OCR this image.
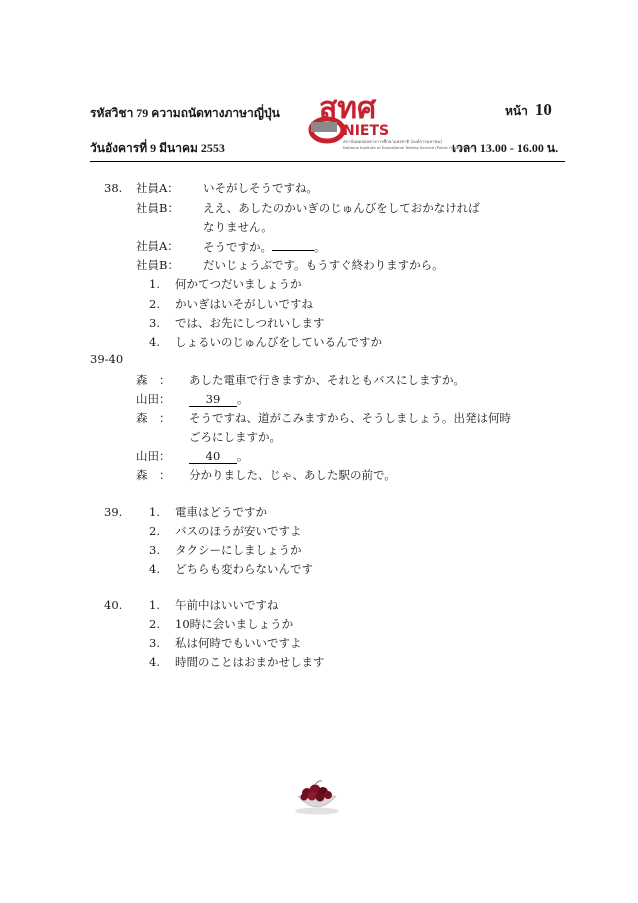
รหัสวิชา 79 ความถนัดทางภาษาญี่ปุ่น
วันอังคารที่ 9 มีนาคม 2553
หน้า 10
เวลา 13.00 - 16.00 น.
สทศ
NIETS
สถาบันทดสอบทางการศึกษาแห่งชาติ (องค์การมหาชน)
National Institute of Educational Testing Service (Public Organization)
38. 社員A： いそがしそうですね。
社員B： ええ、あしたのかいぎのじゅんびをしておかなければ
なりません。
社員A： そうですか。	。
社員B： だいじょうぶです。もうすぐ終わりますから。
1. 何かてつだいましょうか
2. かいぎはいそがしいですね
3. では、お先にしつれいします
4. しょるいのじゅんびをしているんですか
39-40
森　： あした電車で行きますか、それともバスにしますか。
山田：	39 。
森　： そうですね、道がこみますから、そうしましょう。出発は何時
ごろにしますか。
山田：	40 。
森　： 分かりました、じゃ、あした駅の前で。
39. 1. 電車はどうですか
2. バスのほうが安いですよ
3. タクシーにしましょうか
4. どちらも変わらないんです
40. 1. 午前中はいいですね
2. 10時に会いましょうか
3. 私は何時でもいいですよ
4. 時間のことはおまかせします
